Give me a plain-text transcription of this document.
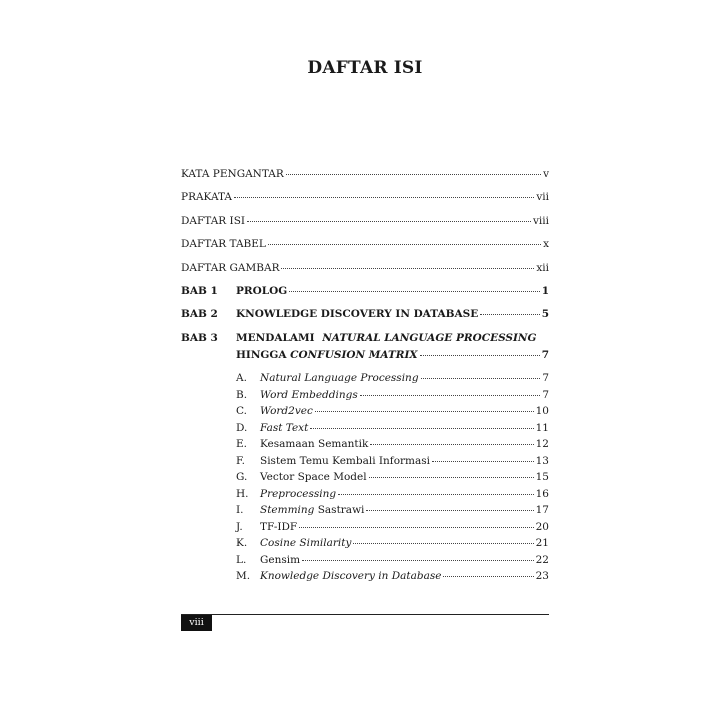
DAFTAR ISI
KATA PENGANTAR	v
PRAKATA	vii
DAFTAR ISI	viii
DAFTAR TABEL	x
DAFTAR GAMBAR	xii
BAB 1	PROLOG	1
BAB 2	KNOWLEDGE DISCOVERY IN DATABASE	5
BAB 3	MENDALAMI NATURAL LANGUAGE PROCESSING
HINGGA CONFUSION MATRIX	7
A.	Natural Language Processing	7
B.	Word Embeddings	7
C.	Word2vec	10
D.	Fast Text	11
E.	Kesamaan Semantik	12
F.	Sistem Temu Kembali Informasi	13
G.	Vector Space Model	15
H.	Preprocessing	16
I.	Stemming Sastrawi	17
J.	TF-IDF	20
K.	Cosine Similarity	21
L.	Gensim	22
M. Knowledge Discovery in Database	23
viii
